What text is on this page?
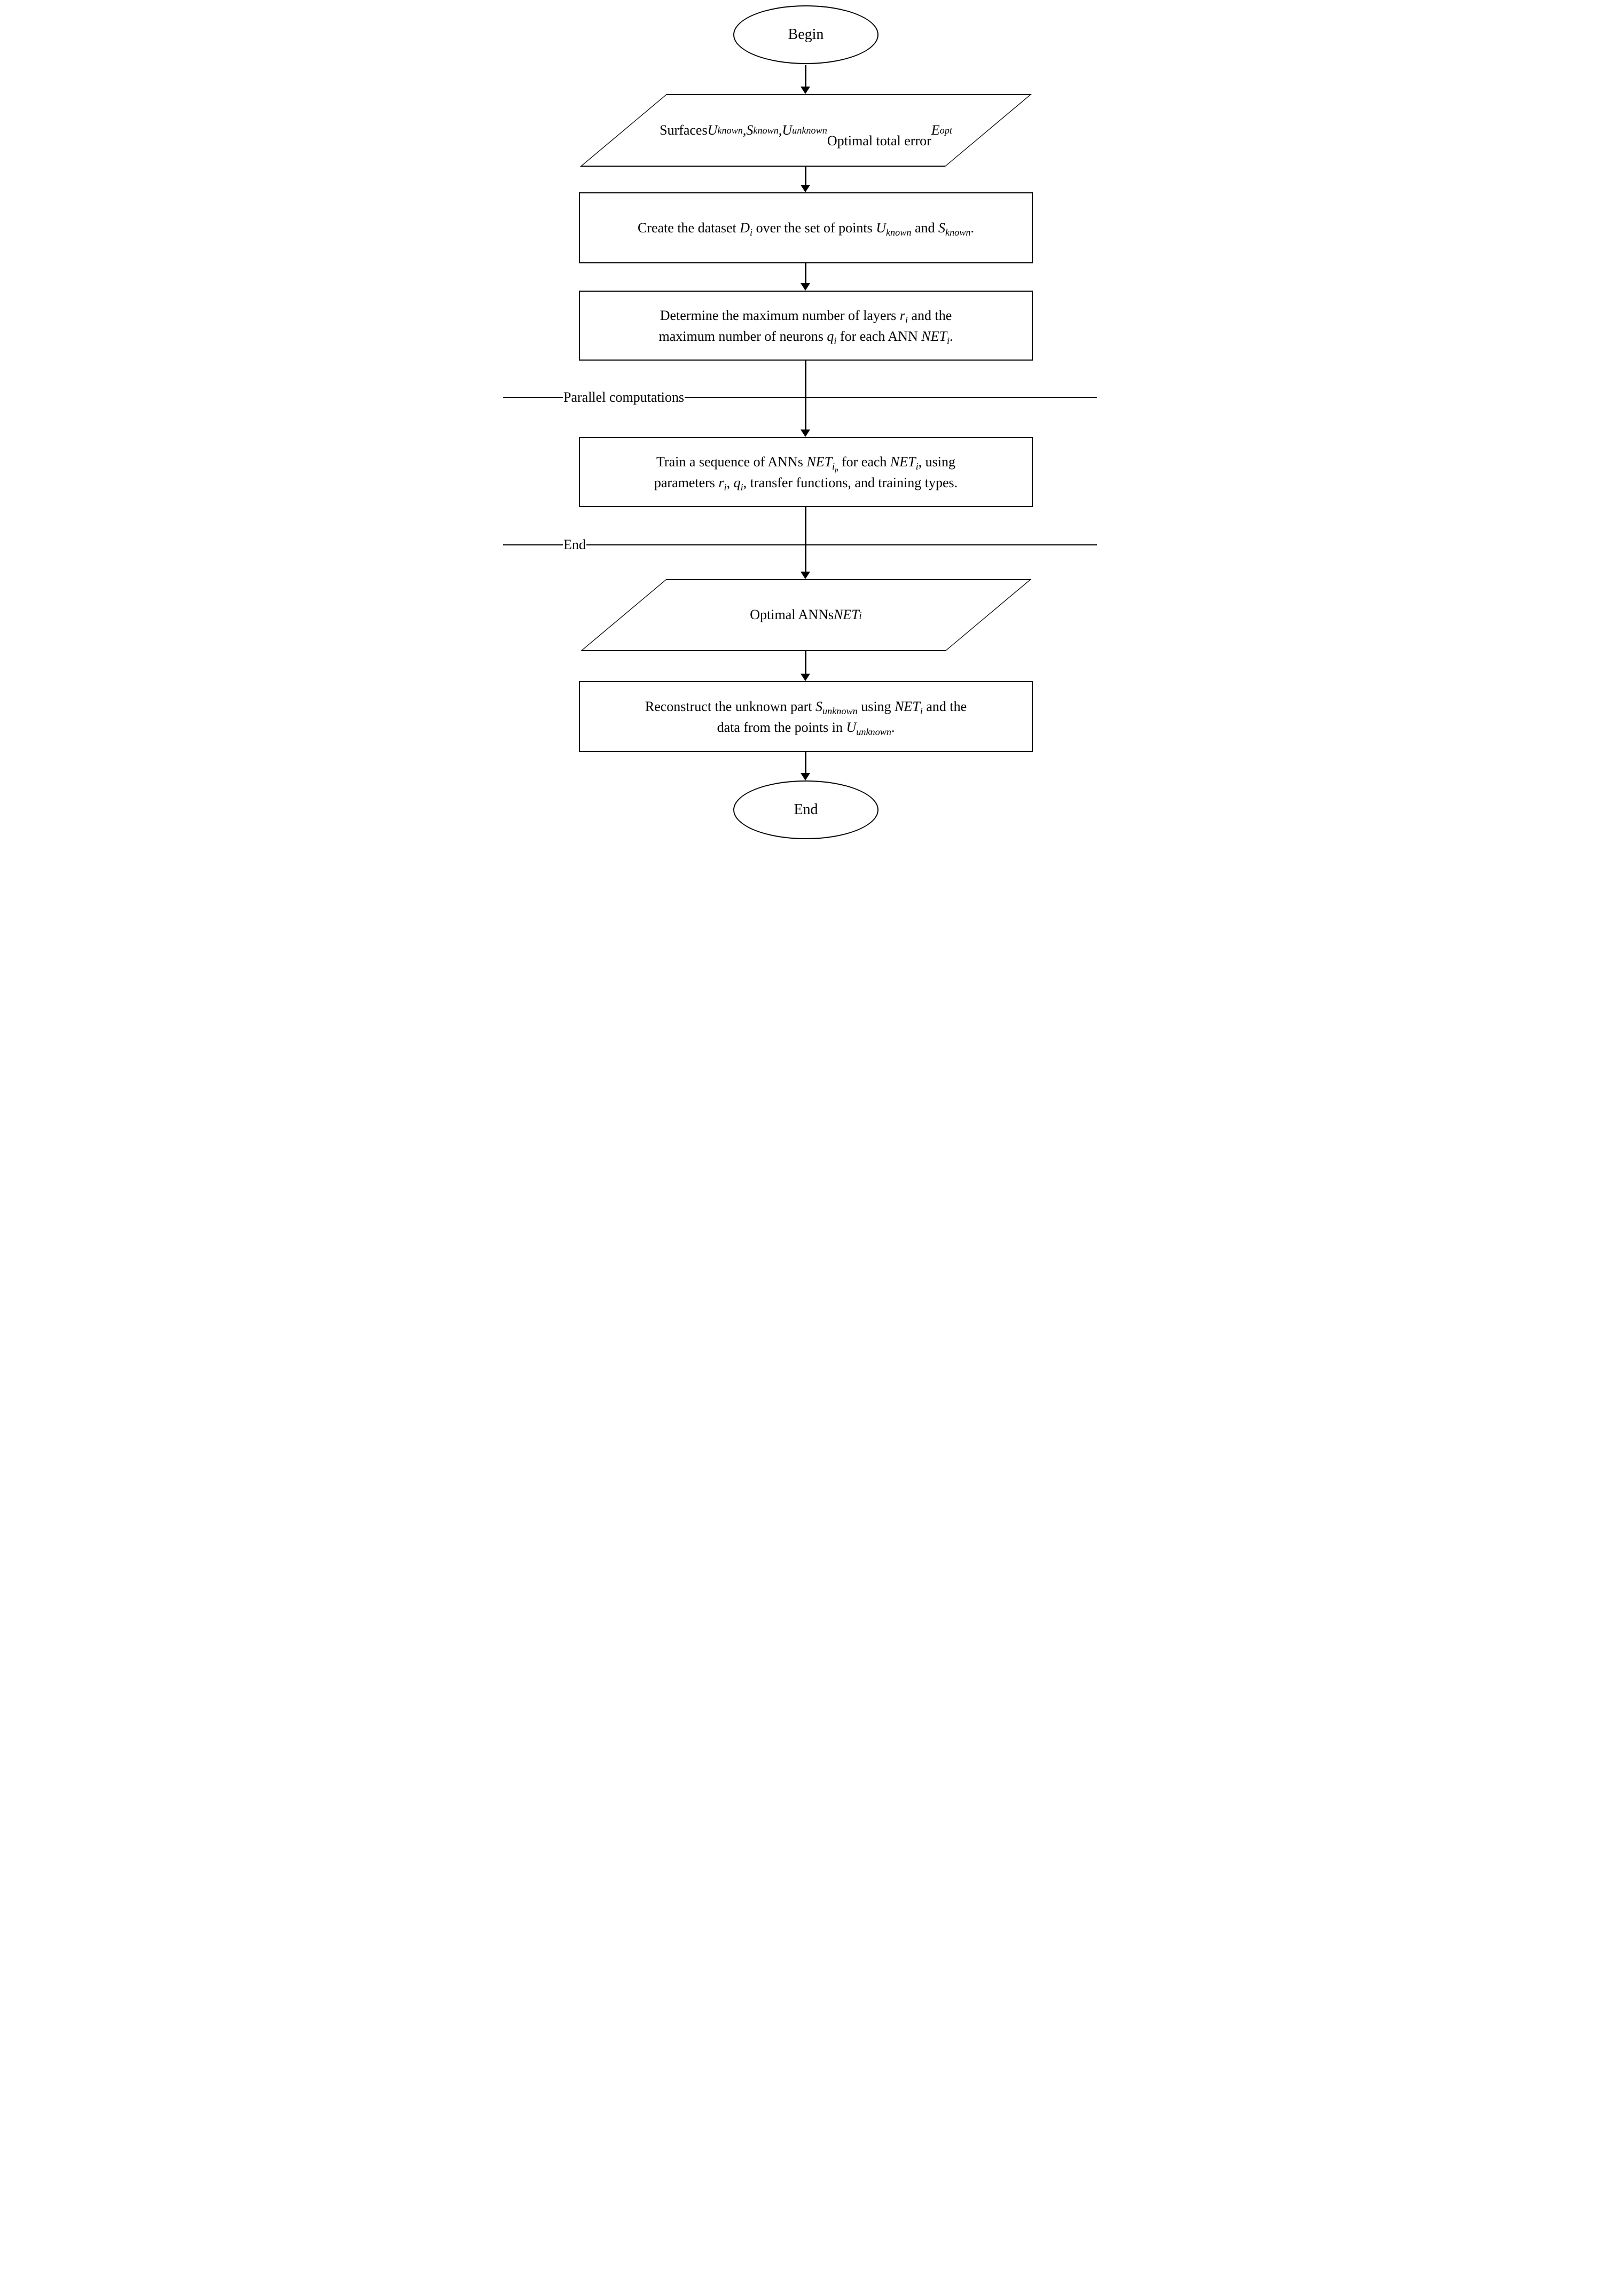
Begin
Surfaces U known , S known , U unknown

Optimal total error
E opt
Create the dataset $D_i$ over the set of points $U_{known}$ and $S_{known}$.
Determine the maximum number of layers $r_i$ and the
maximum number of neurons $q_i$ for each ANN $NET_i$.
Parallel computations
Train a sequence of ANNs $NET_{i_p}$ for each $NET_i$, using
parameters $r_i$, $q_i$, transfer functions, and training types.
End
Optimal ANNs NET i
Reconstruct the unknown part $S_{unknown}$ using $NET_i$ and the
data from the points in $U_{unknown}$.
End
